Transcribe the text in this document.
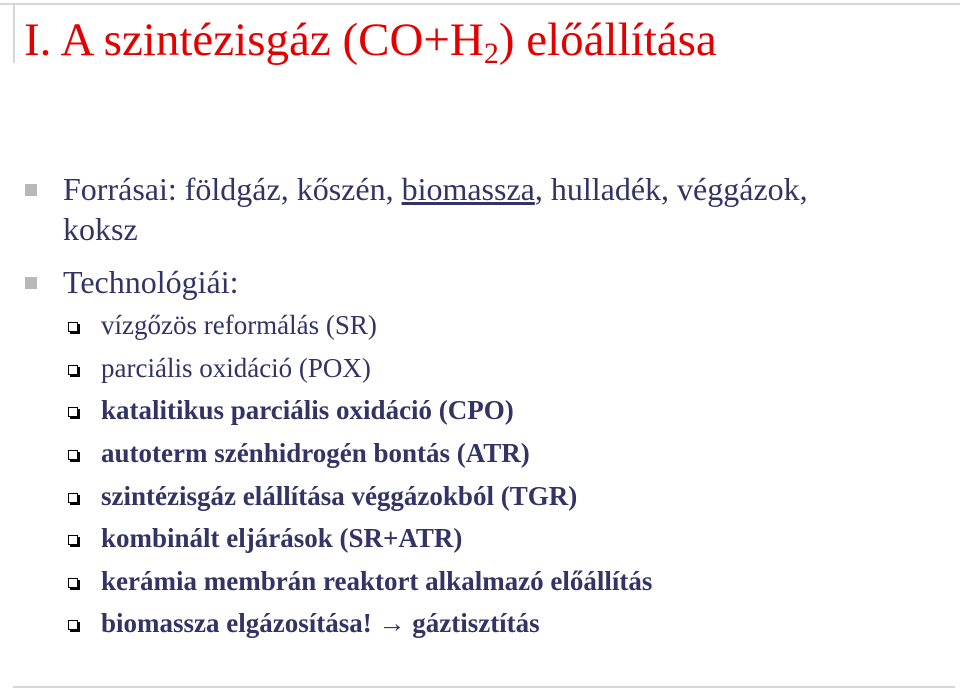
I. A szintézisgáz $(CO+H_2)$ előállítása
Forrásai: földgáz, kőszén, biomassza, hulladék, véggázok, koksz
Technológiái:
vízgőzös reformálás (SR)
parciális oxidáció (POX)
katalitikus parciális oxidáció (CPO)
autoterm szénhidrogén bontás (ATR)
szintézisgáz elállítása véggázokból (TGR)
kombinált eljárások (SR+ATR)
kerámia membrán reaktort alkalmazó előállítás
biomassza elgázosítása! → gáztisztítás
